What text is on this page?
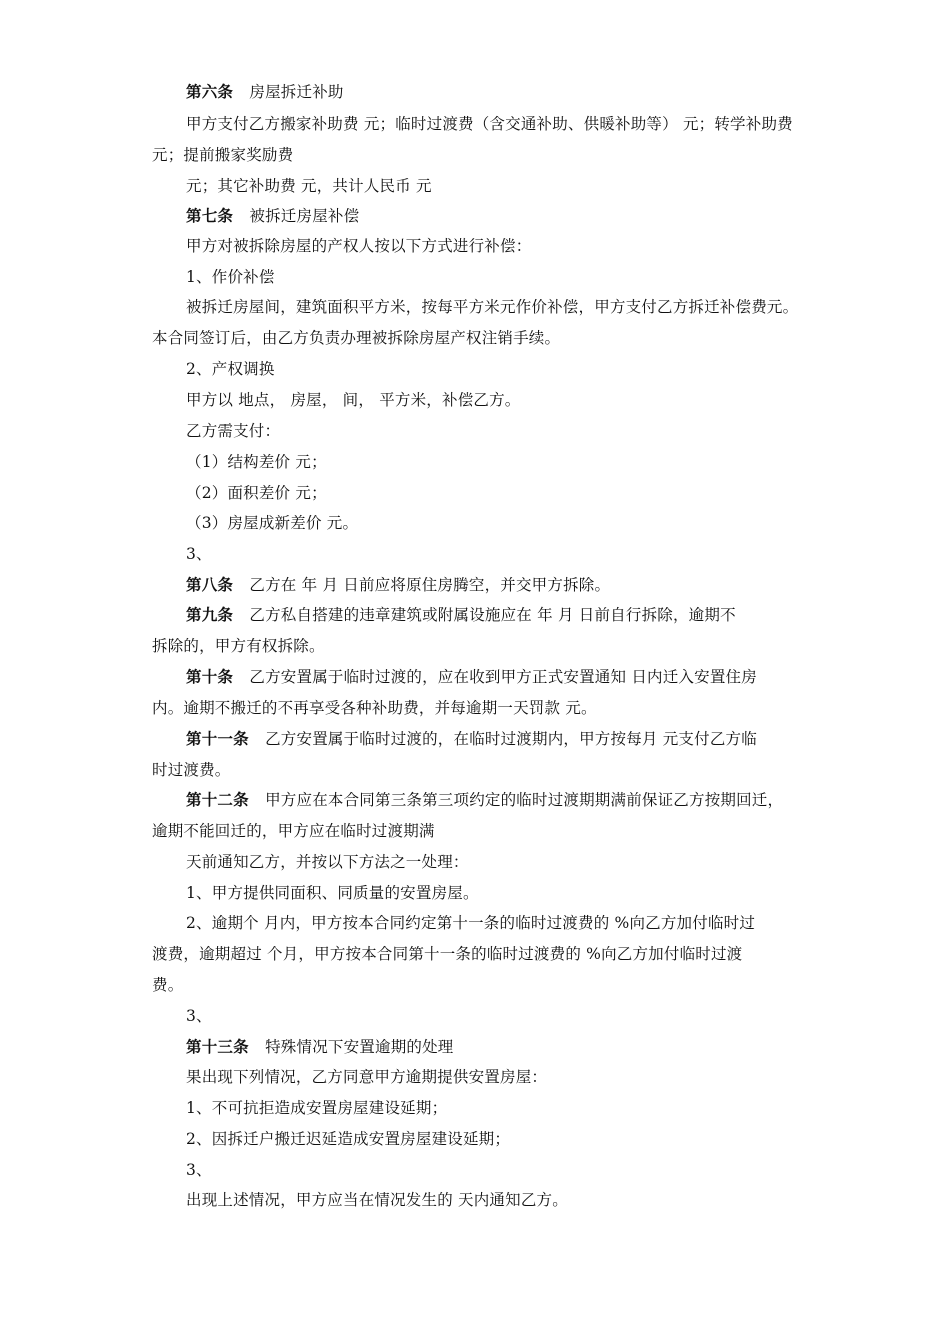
第六条 房屋拆迁补助
甲方支付乙方搬家补助费 元；临时过渡费（含交通补助、供暖补助等） 元；转学补助费
元；提前搬家奖励费
元；其它补助费 元，共计人民币 元
第七条 被拆迁房屋补偿
甲方对被拆除房屋的产权人按以下方式进行补偿：
1、作价补偿
被拆迁房屋间，建筑面积平方米，按每平方米元作价补偿，甲方支付乙方拆迁补偿费元。
本合同签订后，由乙方负责办理被拆除房屋产权注销手续。
2、产权调换
甲方以 地点， 房屋， 间， 平方米，补偿乙方。
乙方需支付：
（1）结构差价 元；
（2）面积差价 元；
（3）房屋成新差价 元。
3、
第八条 乙方在 年 月 日前应将原住房腾空，并交甲方拆除。
第九条 乙方私自搭建的违章建筑或附属设施应在 年 月 日前自行拆除，逾期不
拆除的，甲方有权拆除。
第十条 乙方安置属于临时过渡的，应在收到甲方正式安置通知 日内迁入安置住房
内。逾期不搬迁的不再享受各种补助费，并每逾期一天罚款 元。
第十一条 乙方安置属于临时过渡的，在临时过渡期内，甲方按每月 元支付乙方临
时过渡费。
第十二条 甲方应在本合同第三条第三项约定的临时过渡期期满前保证乙方按期回迁，
逾期不能回迁的，甲方应在临时过渡期满
天前通知乙方，并按以下方法之一处理：
1、甲方提供同面积、同质量的安置房屋。
2、逾期个 月内，甲方按本合同约定第十一条的临时过渡费的 %向乙方加付临时过
渡费，逾期超过 个月，甲方按本合同第十一条的临时过渡费的 %向乙方加付临时过渡
费。
3、
第十三条 特殊情况下安置逾期的处理
果出现下列情况，乙方同意甲方逾期提供安置房屋：
1、不可抗拒造成安置房屋建设延期；
2、因拆迁户搬迁迟延造成安置房屋建设延期；
3、
出现上述情况，甲方应当在情况发生的 天内通知乙方。
